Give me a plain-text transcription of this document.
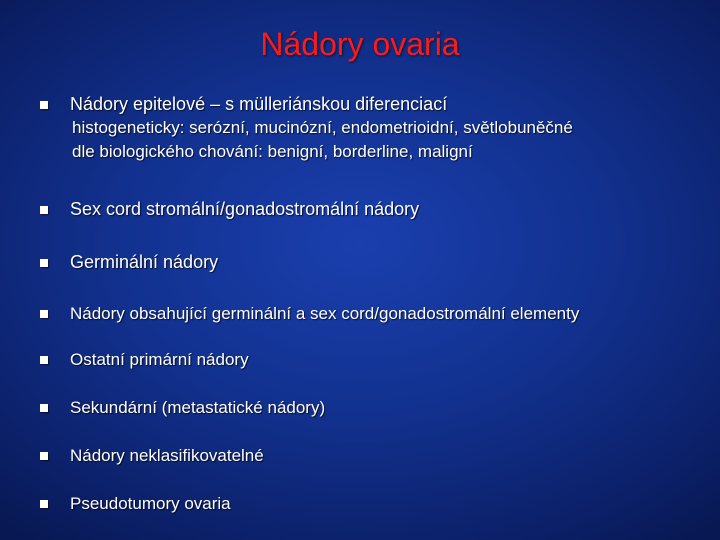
Nádory ovaria
Nádory epitelové – s mülleriánskou diferenciací
histogeneticky: serózní, mucinózní, endometrioidní, světlobuněčné
dle biologického chování: benigní, borderline, maligní
Sex cord stromální/gonadostromální nádory
Germinální nádory
Nádory obsahující germinální a sex cord/gonadostromální elementy
Ostatní primární nádory
Sekundární (metastatické nádory)
Nádory neklasifikovatelné
Pseudotumory ovaria
